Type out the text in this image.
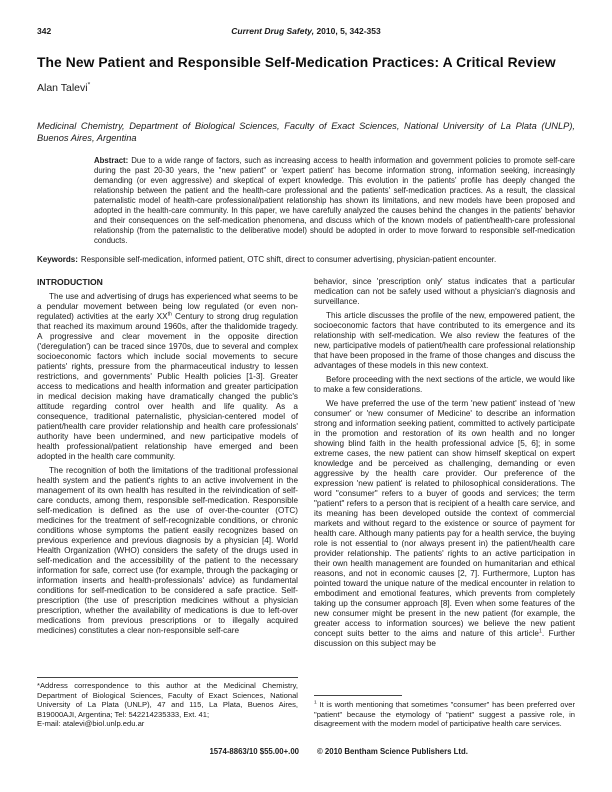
342	Current Drug Safety, 2010, 5, 342-353
The New Patient and Responsible Self-Medication Practices: A Critical Review
Alan Talevi*
Medicinal Chemistry, Department of Biological Sciences, Faculty of Exact Sciences, National University of La Plata (UNLP), Buenos Aires, Argentina
Abstract: Due to a wide range of factors, such as increasing access to health information and government policies to promote self-care during the past 20-30 years, the "new patient" or 'expert patient' has become information strong, information seeking, increasingly demanding (or even aggressive) and skeptical of expert knowledge. This evolution in the patients' profile has deeply changed the relationship between the patient and the health-care professional and the patients' self-medication practices. As a result, the classical paternalistic model of health-care professional/patient relationship has shown its limitations, and new models have been proposed and adopted in the health-care community. In this paper, we have carefully analyzed the causes behind the changes in the patients' behavior and their consequences on the self-medication phenomena, and discuss which of the known models of patient/health-care professional relationship (from the paternalistic to the deliberative model) should be adopted in order to move forward to responsible self-medication conducts.
Keywords: Responsible self-medication, informed patient, OTC shift, direct to consumer advertising, physician-patient encounter.
INTRODUCTION

The use and advertising of drugs has experienced what seems to be a pendular movement between being low regulated (or even non-regulated) activities at the early XXth Century to strong drug regulation that reached its maximum around 1960s, after the thalidomide tragedy. A progressive and clear movement in the opposite direction ('deregulation') can be traced since 1970s, due to several and complex socioeconomic factors which include social movements to secure patients' rights, pressure from the pharmaceutical industry to lessen restrictions, and governments' Public Health policies [1-3]. Greater access to medications and health information and greater participation in medical decision making have dramatically changed the public's attitude regarding control over health and life quality. As a consequence, traditional paternalistic, physician-centered model of patient/health care provider relationship and health care professionals' authority have been undermined, and new participative models of health professional/patient relationship have emerged and been adopted in the health care community.

The recognition of both the limitations of the traditional professional health system and the patient's rights to an active involvement in the management of its own health has resulted in the reivindication of self-care conducts, among them, responsible self-medication. Responsible self-medication is defined as the use of over-the-counter (OTC) medicines for the treatment of self-recognizable conditions, or chronic conditions whose symptoms the patient easily recognizes based on previous experience and previous diagnosis by a physician [4]. World Health Organization (WHO) considers the safety of the drugs used in self-medication and the accessibility of the patient to the necessary information for safe, correct use (for example, through the packaging or information inserts and health-professionals' advice) as fundamental conditions for self-medication to be considered a safe practice. Self-prescription (the use of prescription medicines without a physician prescription, whether the availability of medications is due to left-over medications from previous prescriptions or to illegally acquired medicines) constitutes a clear non-responsible self-care

*Address correspondence to this author at the Medicinal Chemistry, Department of Biological Sciences, Faculty of Exact Sciences, National University of La Plata (UNLP), 47 and 115, La Plata, Buenos Aires, B19000AJI, Argentina; Tel: 542214235333, Ext. 41;

E-mail: atalevi@biol.unlp.edu.ar

behavior, since 'prescription only' status indicates that a particular medication can not be safely used without a physician's diagnosis and surveillance.

This article discusses the profile of the new, empowered patient, the socioeconomic factors that have contributed to its emergence and its relationship with self-medication. We also review the features of the new, participative models of patient/health care professional relationship that have been proposed in the frame of those changes and discuss the advantages of these models in this new context.

Before proceeding with the next sections of the article, we would like to make a few considerations.

We have preferred the use of the term 'new patient' instead of 'new consumer' or 'new consumer of Medicine' to describe an information strong and information seeking patient, committed to actively participate in the promotion and restoration of its own health and no longer showing blind faith in the health professional advice [5, 6]; in some extreme cases, the new patient can show himself skeptical on expert knowledge and be perceived as challenging, demanding or even aggressive by the health care provider. Our preference of the expression 'new patient' is related to philosophical considerations. The word "consumer" refers to a buyer of goods and services; the term "patient" refers to a person that is recipient of a health care service, and its meaning has been developed outside the context of commercial markets and without regard to the existence or source of payment for health care. Although many patients pay for a health service, the buying role is not essential to (nor always present in) the patient/health care provider relationship. The patients' rights to an active participation in their own health management are founded on humanitarian and ethical reasons, and not in economic causes [2, 7]. Furthermore, Lupton has pointed toward the unique nature of the medical encounter in relation to embodiment and emotional features, which prevents from completely taking up the consumer approach [8]. Even when some features of the new consumer might be present in the new patient (for example, the greater access to information sources) we believe the new patient concept suits better to the aims and nature of this article$^1$. Further discussion on this subject may be

$^1$ It is worth mentioning that sometimes "consumer" has been preferred over "patient" because the etymology of "patient" suggest a passive role, in disagreement with the modern model of participative health care services.

1574-8863/10 $55.00+.00	© 2010 Bentham Science Publishers Ltd.
